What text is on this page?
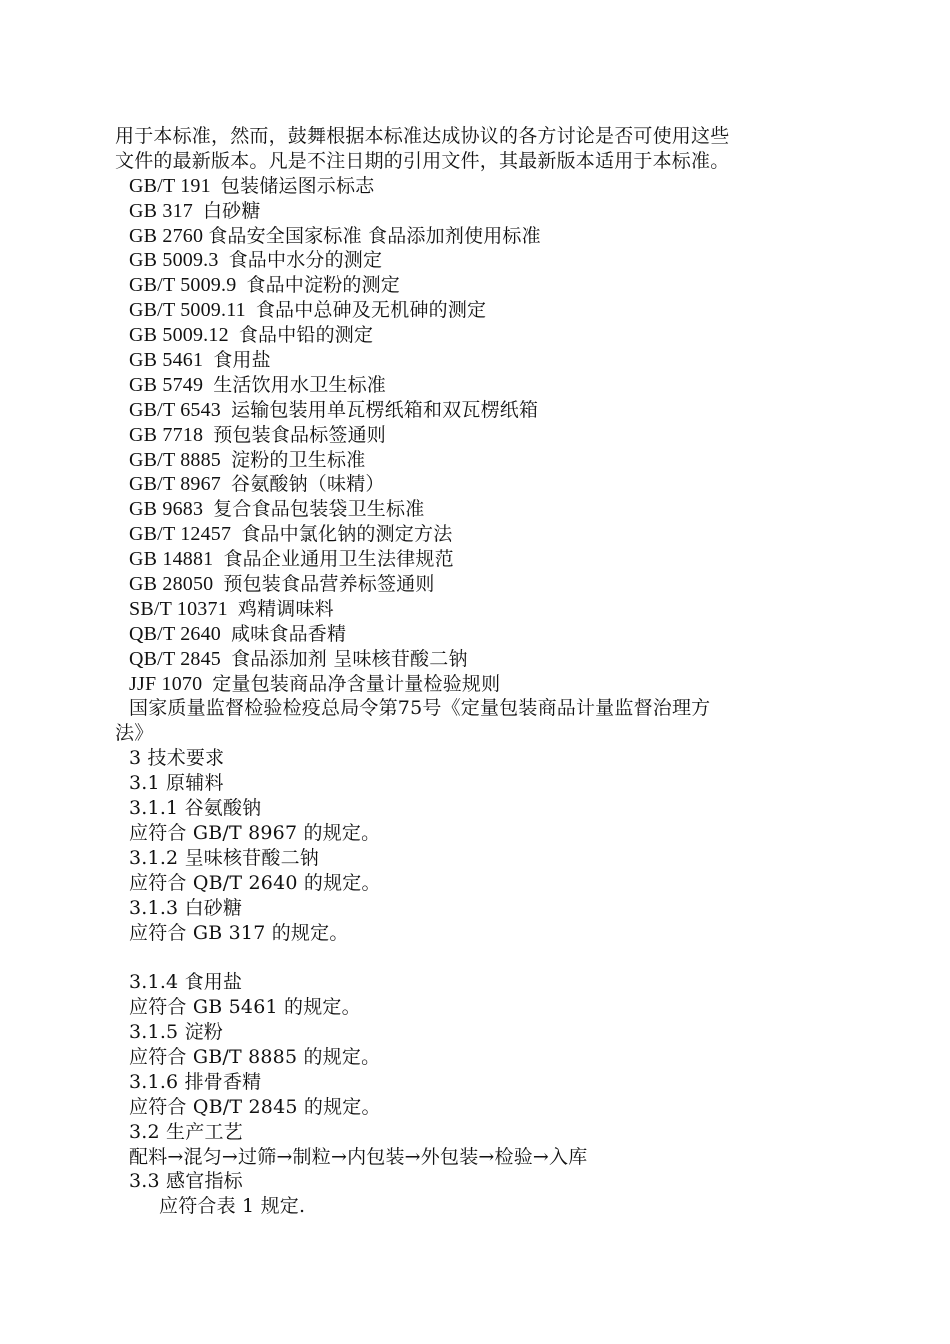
用于本标准，然而，鼓舞根据本标准达成协议的各方讨论是否可使用这些
文件的最新版本。凡是不注日期的引用文件，其最新版本适用于本标准。
GB/T 191 包装储运图示标志
GB 317 白砂糖
GB 2760 食品安全国家标准 食品添加剂使用标准
GB 5009.3 食品中水分的测定
GB/T 5009.9 食品中淀粉的测定
GB/T 5009.11 食品中总砷及无机砷的测定
GB 5009.12 食品中铅的测定
GB 5461 食用盐
GB 5749 生活饮用水卫生标准
GB/T 6543 运输包装用单瓦楞纸箱和双瓦楞纸箱
GB 7718 预包装食品标签通则
GB/T 8885 淀粉的卫生标准
GB/T 8967 谷氨酸钠（味精）
GB 9683 复合食品包装袋卫生标准
GB/T 12457 食品中氯化钠的测定方法
GB 14881 食品企业通用卫生法律规范
GB 28050 预包装食品营养标签通则
SB/T 10371 鸡精调味料
QB/T 2640 咸味食品香精
QB/T 2845 食品添加剂 呈味核苷酸二钠
JJF 1070 定量包装商品净含量计量检验规则
国家质量监督检验检疫总局令第75号《定量包装商品计量监督治理方
法》
3 技术要求
3.1 原辅料
3.1.1 谷氨酸钠
应符合 GB/T 8967 的规定。
3.1.2 呈味核苷酸二钠
应符合 QB/T 2640 的规定。
3.1.3 白砂糖
应符合 GB 317 的规定。
3.1.4 食用盐
应符合 GB 5461 的规定。
3.1.5 淀粉
应符合 GB/T 8885 的规定。
3.1.6 排骨香精
应符合 QB/T 2845 的规定。
3.2 生产工艺
配料→混匀→过筛→制粒→内包装→外包装→检验→入库
3.3 感官指标
应符合表 1 规定.
